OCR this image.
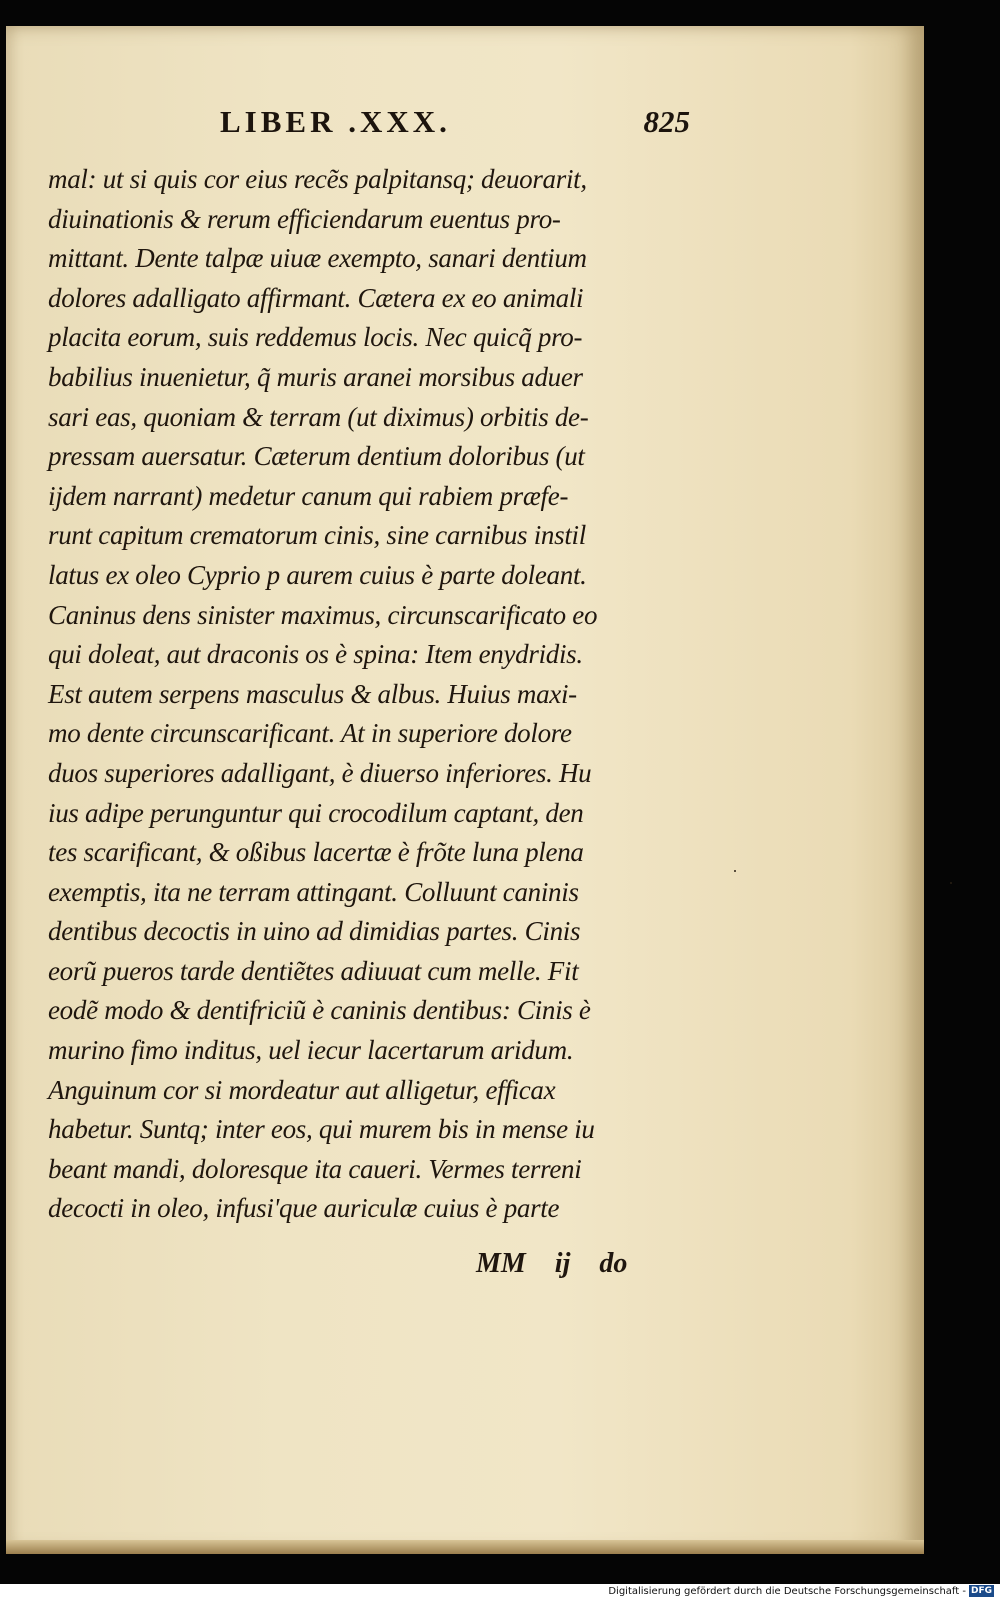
LIBER .XXX.	825
mal: ut si quis cor eius recẽs palpitansq; deuorarit,
diuinationis & rerum efficiendarum euentus pro-
mittant. Dente talpæ uiuæ exempto, sanari dentium
dolores adalligato affirmant. Cætera ex eo animali
placita eorum, suis reddemus locis. Nec quicq̃ pro-
babilius inuenietur, q̃ muris aranei morsibus aduer
sari eas, quoniam & terram (ut diximus) orbitis de-
pressam auersatur. Cæterum dentium doloribus (ut
ijdem narrant) medetur canum qui rabiem præfe-
runt capitum crematorum cinis, sine carnibus instil
latus ex oleo Cyprio p aurem cuius è parte doleant.
Caninus dens sinister maximus, circunscarificato eo
qui doleat, aut draconis os è spina: Item enydridis.
Est autem serpens masculus & albus. Huius maxi-
mo dente circunscarificant. At in superiore dolore
duos superiores adalligant, è diuerso inferiores. Hu
ius adipe perunguntur qui crocodilum captant, den
tes scarificant, & oßibus lacertæ è frõte luna plena
exemptis, ita ne terram attingant. Colluunt caninis
dentibus decoctis in uino ad dimidias partes. Cinis
eorũ pueros tarde dentiẽtes adiuuat cum melle. Fit
eodẽ modo & dentifriciũ è caninis dentibus: Cinis è
murino fimo inditus, uel iecur lacertarum aridum.
Anguinum cor si mordeatur aut alligetur, efficax
habetur. Suntq; inter eos, qui murem bis in mense iu
beant mandi, doloresque ita caueri. Vermes terreni
decocti in oleo, infusi'que auriculæ cuius è parte
MM ij do
Digitalisierung gefördert durch die Deutsche Forschungsgemeinschaft - DFG
